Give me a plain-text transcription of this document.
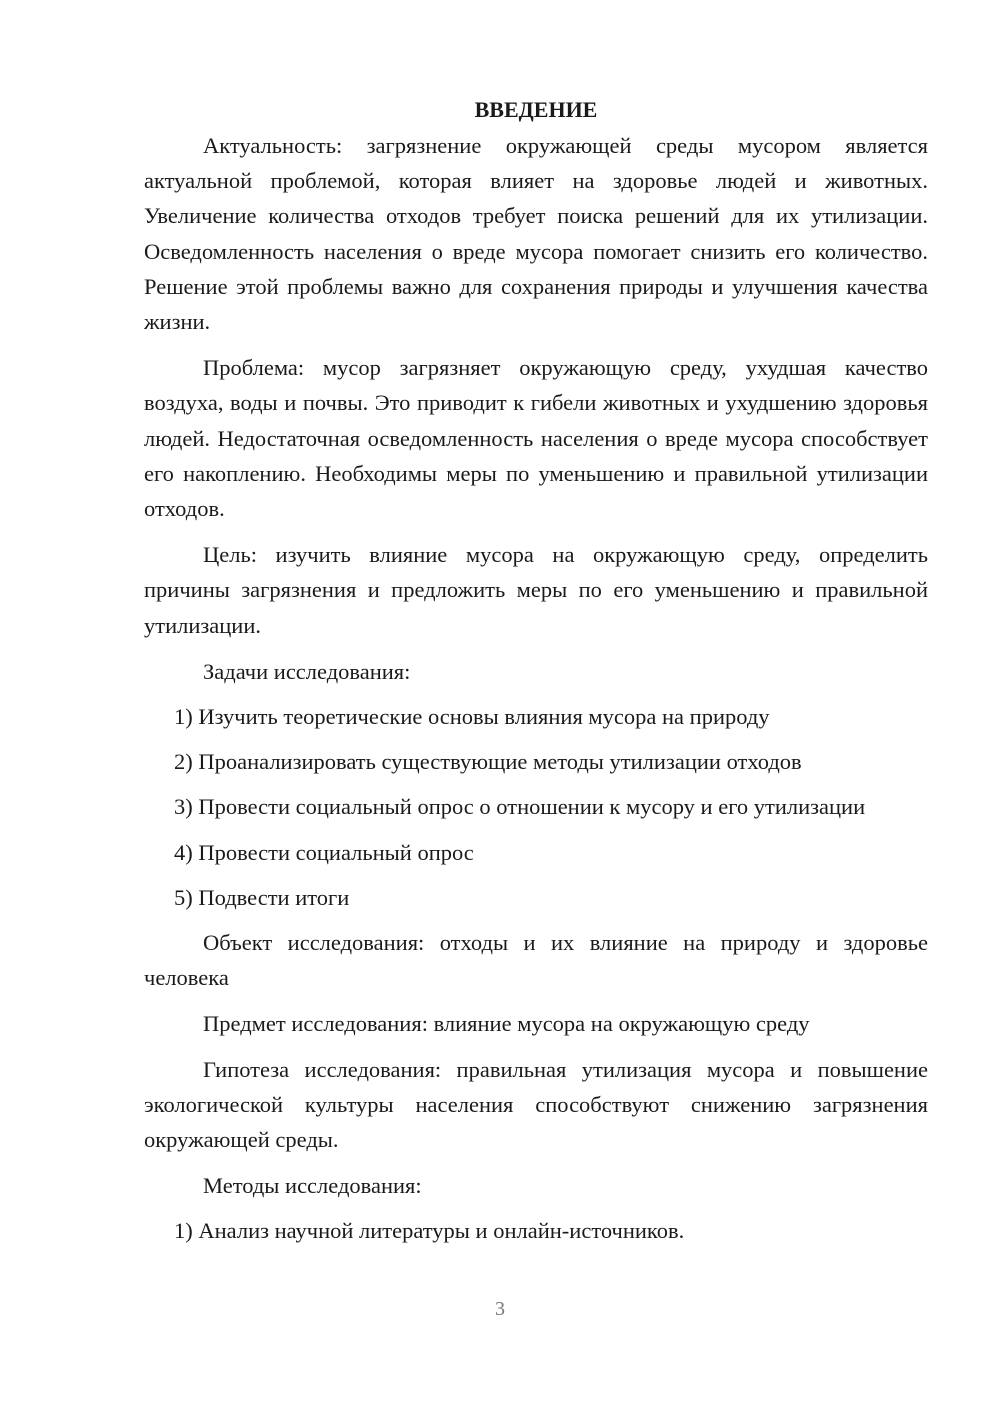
ВВЕДЕНИЕ

Актуальность: загрязнение окружающей среды мусором является актуальной проблемой, которая влияет на здоровье людей и животных. Увеличение количества отходов требует поиска решений для их утилизации. Осведомленность населения о вреде мусора помогает снизить его количество. Решение этой проблемы важно для сохранения природы и улучшения качества жизни.

Проблема: мусор загрязняет окружающую среду, ухудшая качество воздуха, воды и почвы. Это приводит к гибели животных и ухудшению здоровья людей. Недостаточная осведомленность населения о вреде мусора способствует его накоплению. Необходимы меры по уменьшению и правильной утилизации отходов.

Цель: изучить влияние мусора на окружающую среду, определить причины загрязнения и предложить меры по его уменьшению и правильной утилизации.

Задачи исследования:

1) Изучить теоретические основы влияния мусора на природу

2) Проанализировать существующие методы утилизации отходов

3) Провести социальный опрос о отношении к мусору и его утилизации

4) Провести социальный опрос

5) Подвести итоги

Объект исследования: отходы и их влияние на природу и здоровье человека

Предмет исследования: влияние мусора на окружающую среду

Гипотеза исследования: правильная утилизация мусора и повышение экологической культуры населения способствуют снижению загрязнения окружающей среды.

Методы исследования:

1) Анализ научной литературы и онлайн-источников.

3
